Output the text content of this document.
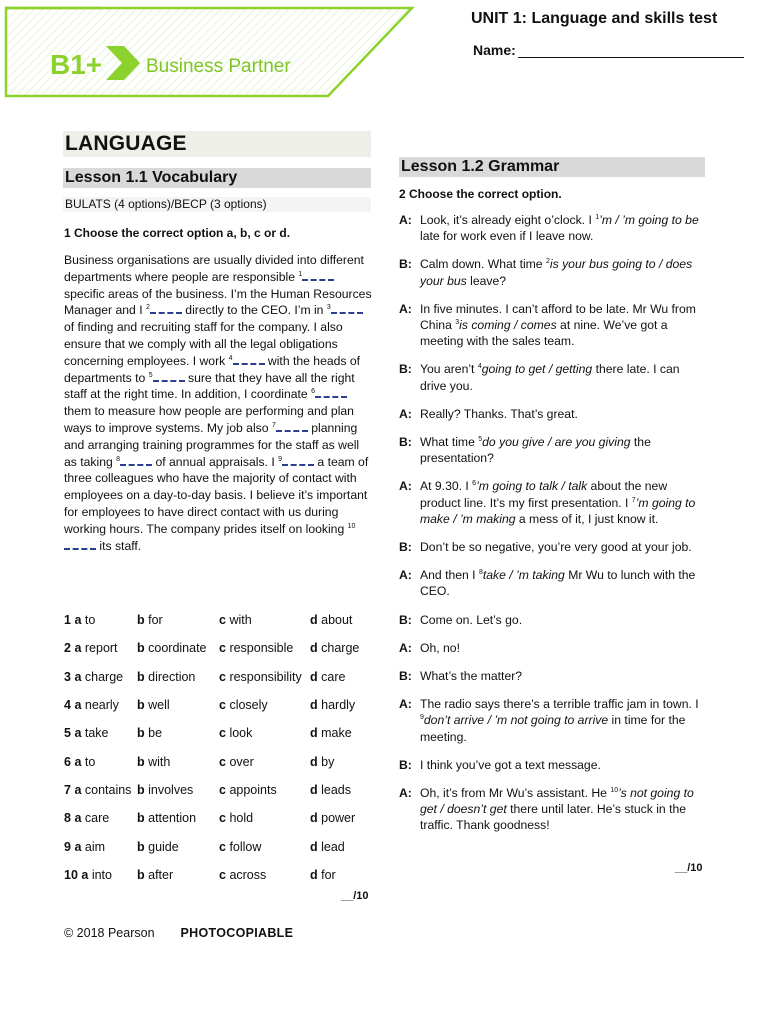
B1+ Business Partner
UNIT 1: Language and skills test
Name:
LANGUAGE
Lesson 1.1 Vocabulary
BULATS (4 options)/BECP (3 options)
1 Choose the correct option a, b, c or d.
Business organisations are usually divided into different departments where people are responsible $^1$ specific areas of the business. I’m the Human Resources Manager and I $^2$	directly to the CEO. I’m in $^3$ of finding and recruiting staff for the company. I also ensure that we comply with all the legal obligations concerning employees. I work $^4$	with the heads of departments to $^5$	sure that they have all the right staff at the right time. In addition, I coordinate $^6$ them to measure how people are performing and plan ways to improve systems. My job also $^7$	planning and arranging training programmes for the staff as well as taking $^8$	of annual appraisals. I $^9$	a team of three colleagues who have the majority of contact with employees on a day-to-day basis. I believe it’s important for employees to have direct contact with us during working hours. The company prides itself on looking $^{10}$ its staff.
1 a to	b for	c with	d about
2 a report	b coordinate	c responsible	d charge
3 a charge	b direction	c responsibility d care
4 a nearly	b well	c closely	d hardly
5 a take	b be	c look	d make
6 a to	b with	c over	d by
7 a contains b involves	c appoints	d leads
8 a care	b attention	c hold	d power
9 a aim	b guide	c follow	d lead
10 a into	b after	c across	d for
__/10
Lesson 1.2 Grammar
2 Choose the correct option.
A: Look, it’s already eight o’clock. I $^1$’m / ’m going to be late for work even if I leave now.
B: Calm down. What time $^2$is your bus going to / does your bus leave?
A: In five minutes. I can’t afford to be late. Mr Wu from China $^3$is coming / comes at nine. We’ve got a meeting with the sales team.
B: You aren’t $^4$going to get / getting there late. I can drive you.
A: Really? Thanks. That’s great.
B: What time $^5$do you give / are you giving the presentation?
A: At 9.30. I $^6$’m going to talk / talk about the new product line. It’s my first presentation. I $^7$’m going to make / ’m making a mess of it, I just know it.
B: Don’t be so negative, you’re very good at your job.
A: And then I $^8$take / ’m taking Mr Wu to lunch with the CEO.
B: Come on. Let’s go.
A: Oh, no!
B: What’s the matter?
A: The radio says there’s a terrible traffic jam in town. I $^9$don’t arrive / ’m not going to arrive in time for the meeting.
B: I think you’ve got a text message.
A: Oh, it’s from Mr Wu’s assistant. He $^{10}$’s not going to get / doesn’t get there until later. He’s stuck in the traffic. Thank goodness!
__/10
© 2018 Pearson PHOTOCOPIABLE
